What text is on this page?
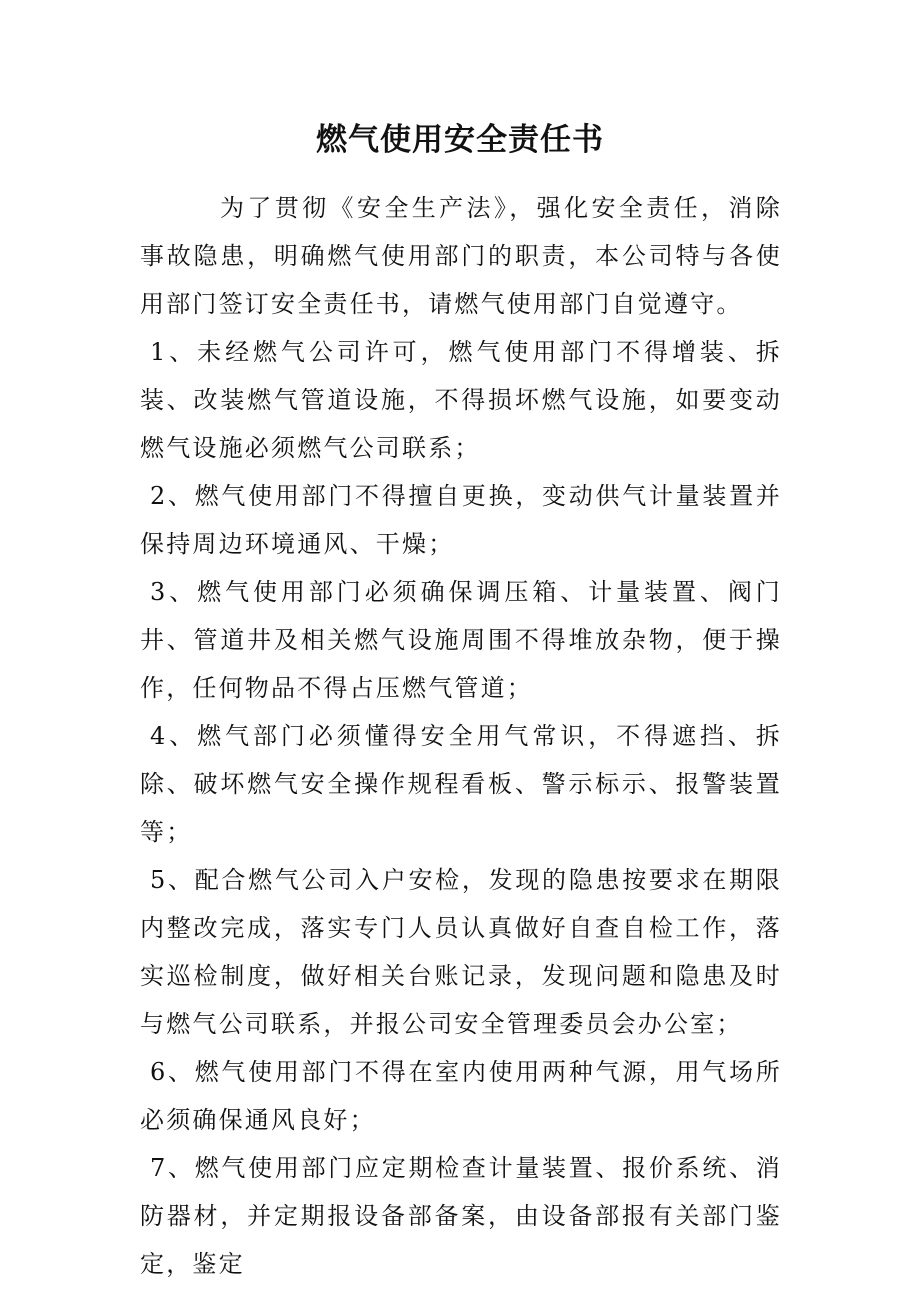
燃气使用安全责任书

为了贯彻《安全生产法》，强化安全责任，消除事故隐患，明确燃气使用部门的职责，本公司特与各使用部门签订安全责任书，请燃气使用部门自觉遵守。

1、未经燃气公司许可，燃气使用部门不得增装、拆装、改装燃气管道设施，不得损坏燃气设施，如要变动燃气设施必须燃气公司联系；

2、燃气使用部门不得擅自更换，变动供气计量装置并保持周边环境通风、干燥；

3、燃气使用部门必须确保调压箱、计量装置、阀门井、管道井及相关燃气设施周围不得堆放杂物，便于操作，任何物品不得占压燃气管道；

4、燃气部门必须懂得安全用气常识，不得遮挡、拆除、破坏燃气安全操作规程看板、警示标示、报警装置等；

5、配合燃气公司入户安检，发现的隐患按要求在期限内整改完成，落实专门人员认真做好自查自检工作，落实巡检制度，做好相关台账记录，发现问题和隐患及时与燃气公司联系，并报公司安全管理委员会办公室；

6、燃气使用部门不得在室内使用两种气源，用气场所必须确保通风良好；

7、燃气使用部门应定期检查计量装置、报价系统、消防器材，并定期报设备部备案，由设备部报有关部门鉴定，鉴定
